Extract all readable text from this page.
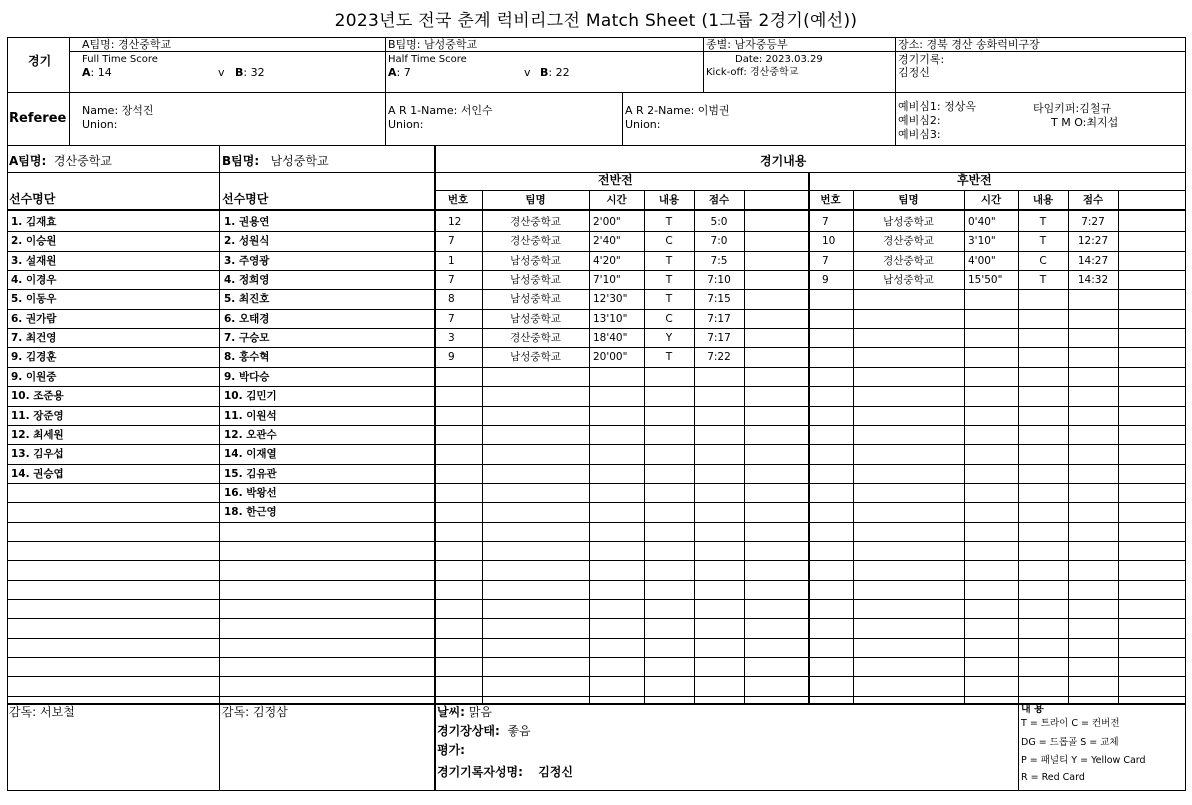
2023년도 전국 춘계 럭비리그전 Match Sheet (1그룹 2경기(예선))
경기
A팀명: 경산중학교	B팀명: 남성중학교	종별: 남자중등부	장소: 경북 경산 송화럭비구장
Full Time Score
A: 14	v B: 32
Half Time Score
A: 7	v B: 22
Date: 2023.03.29
Kick-off: 경산중학교
경기기록:
김정신
Referee
Name: 장석진
Union:
A R 1-Name: 서인수
Union:
A R 2-Name: 이범권
Union:
예비심1: 정상옥
예비심2:
예비심3:
타임키퍼:김철규
T M O:최지섭
A팀명: 경산중학교	B팀명: 남성중학교
선수명단	선수명단
경기내용
전반전	후반전
번호	팀명	시간	내용	점수	번호	팀명	시간	내용	점수
1. 김재효
2. 이승원
3. 설재원
4. 이경우
5. 이동우
6. 권가람
7. 최건영
9. 김경훈
9. 이원중
10. 조준용
11. 장준영
12. 최세원
13. 김우섭
14. 권승엽
1. 권용연
2. 성원식
3. 주영광
4. 정희영
5. 최진호
6. 오태경
7. 구승모
8. 홍수혁
9. 박다승
10. 김민기
11. 이원석
12. 오관수
14. 이재열
15. 김유관
16. 박왕선
18. 한근영
12	경산중학교	2'00"	T	5:0
7	경산중학교	2'40"	C	7:0
1	남성중학교	4'20"	T	7:5
7	남성중학교	7'10"	T	7:10
8	남성중학교	12'30"	T	7:15
7	남성중학교	13'10"	C	7:17
3	경산중학교	18'40"	Y	7:17
9	남성중학교	20'00"	T	7:22
7	남성중학교	0'40"	T	7:27
10	경산중학교	3'10"	T	12:27
7	경산중학교	4'00"	C	14:27
9	남성중학교	15'50"	T	14:32
감독: 서보철	감독: 김정삼	날씨: 맑음
경기장상태: 좋음
평가:
경기기록자성명: 김정신
내 용
T = 트라이 C = 컨버전
DG = 드롭골 S = 교체
P = 패널티 Y = Yellow Card
R = Red Card
